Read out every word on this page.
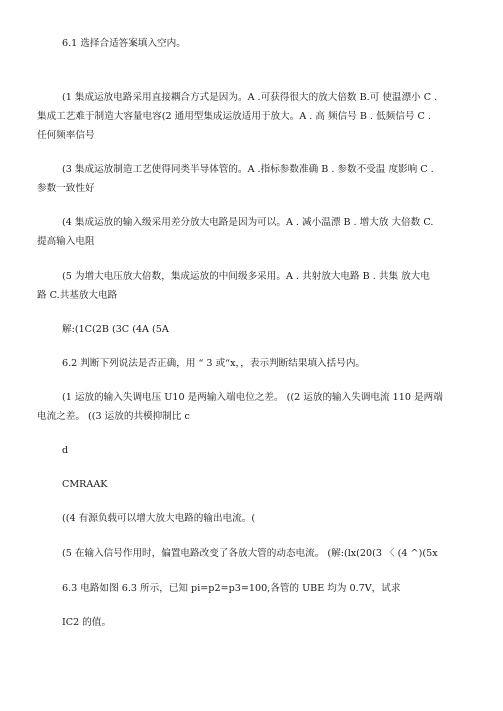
6.1 选择合适答案填入空内。
(1 集成运放电路采用直接耦合方式是因为。A .可获得很大的放大倍数 B.可 使温漂小 C .
集成工艺难于制造大容量电容(2 通用型集成运放适用于放大。A . 高 频信号 B . 低频信号 C .
任何频率信号
(3 集成运放制造工艺使得同类半导体管的。A .指标参数准确 B . 参数不受温 度影响 C .
参数一致性好
(4 集成运放的输入级采用差分放大电路是因为可以。A . 减小温漂 B . 增大放 大倍数 C.
提高输入电阻
(5 为增大电压放大倍数，集成运放的中间级多采用。A . 共射放大电路 B . 共集 放大电
路 C.共基放大电路
解:(1C(2B (3C (4A (5A
6.2 判断下列说法是否正确，用 “ 3 或“x，，表示判断结果填入括号内。
(1 运放的输入失调电压 U10 是两输入端电位之差。 ((2 运放的输入失调电流 110 是两端
电流之差。 ((3 运放的共模抑制比 c
d
CMRAAK
((4 有源负载可以增大放大电路的输出电流。(
(5 在输入信号作用时，偏置电路改变了各放大管的动态电流。 (解:(lx(20(3 〈 (4 ^)(5x
6.3 电路如图 6.3 所示，已知 pi=p2=p3=100,各管的 UBE 均为 0.7V，试求
IC2 的值。
